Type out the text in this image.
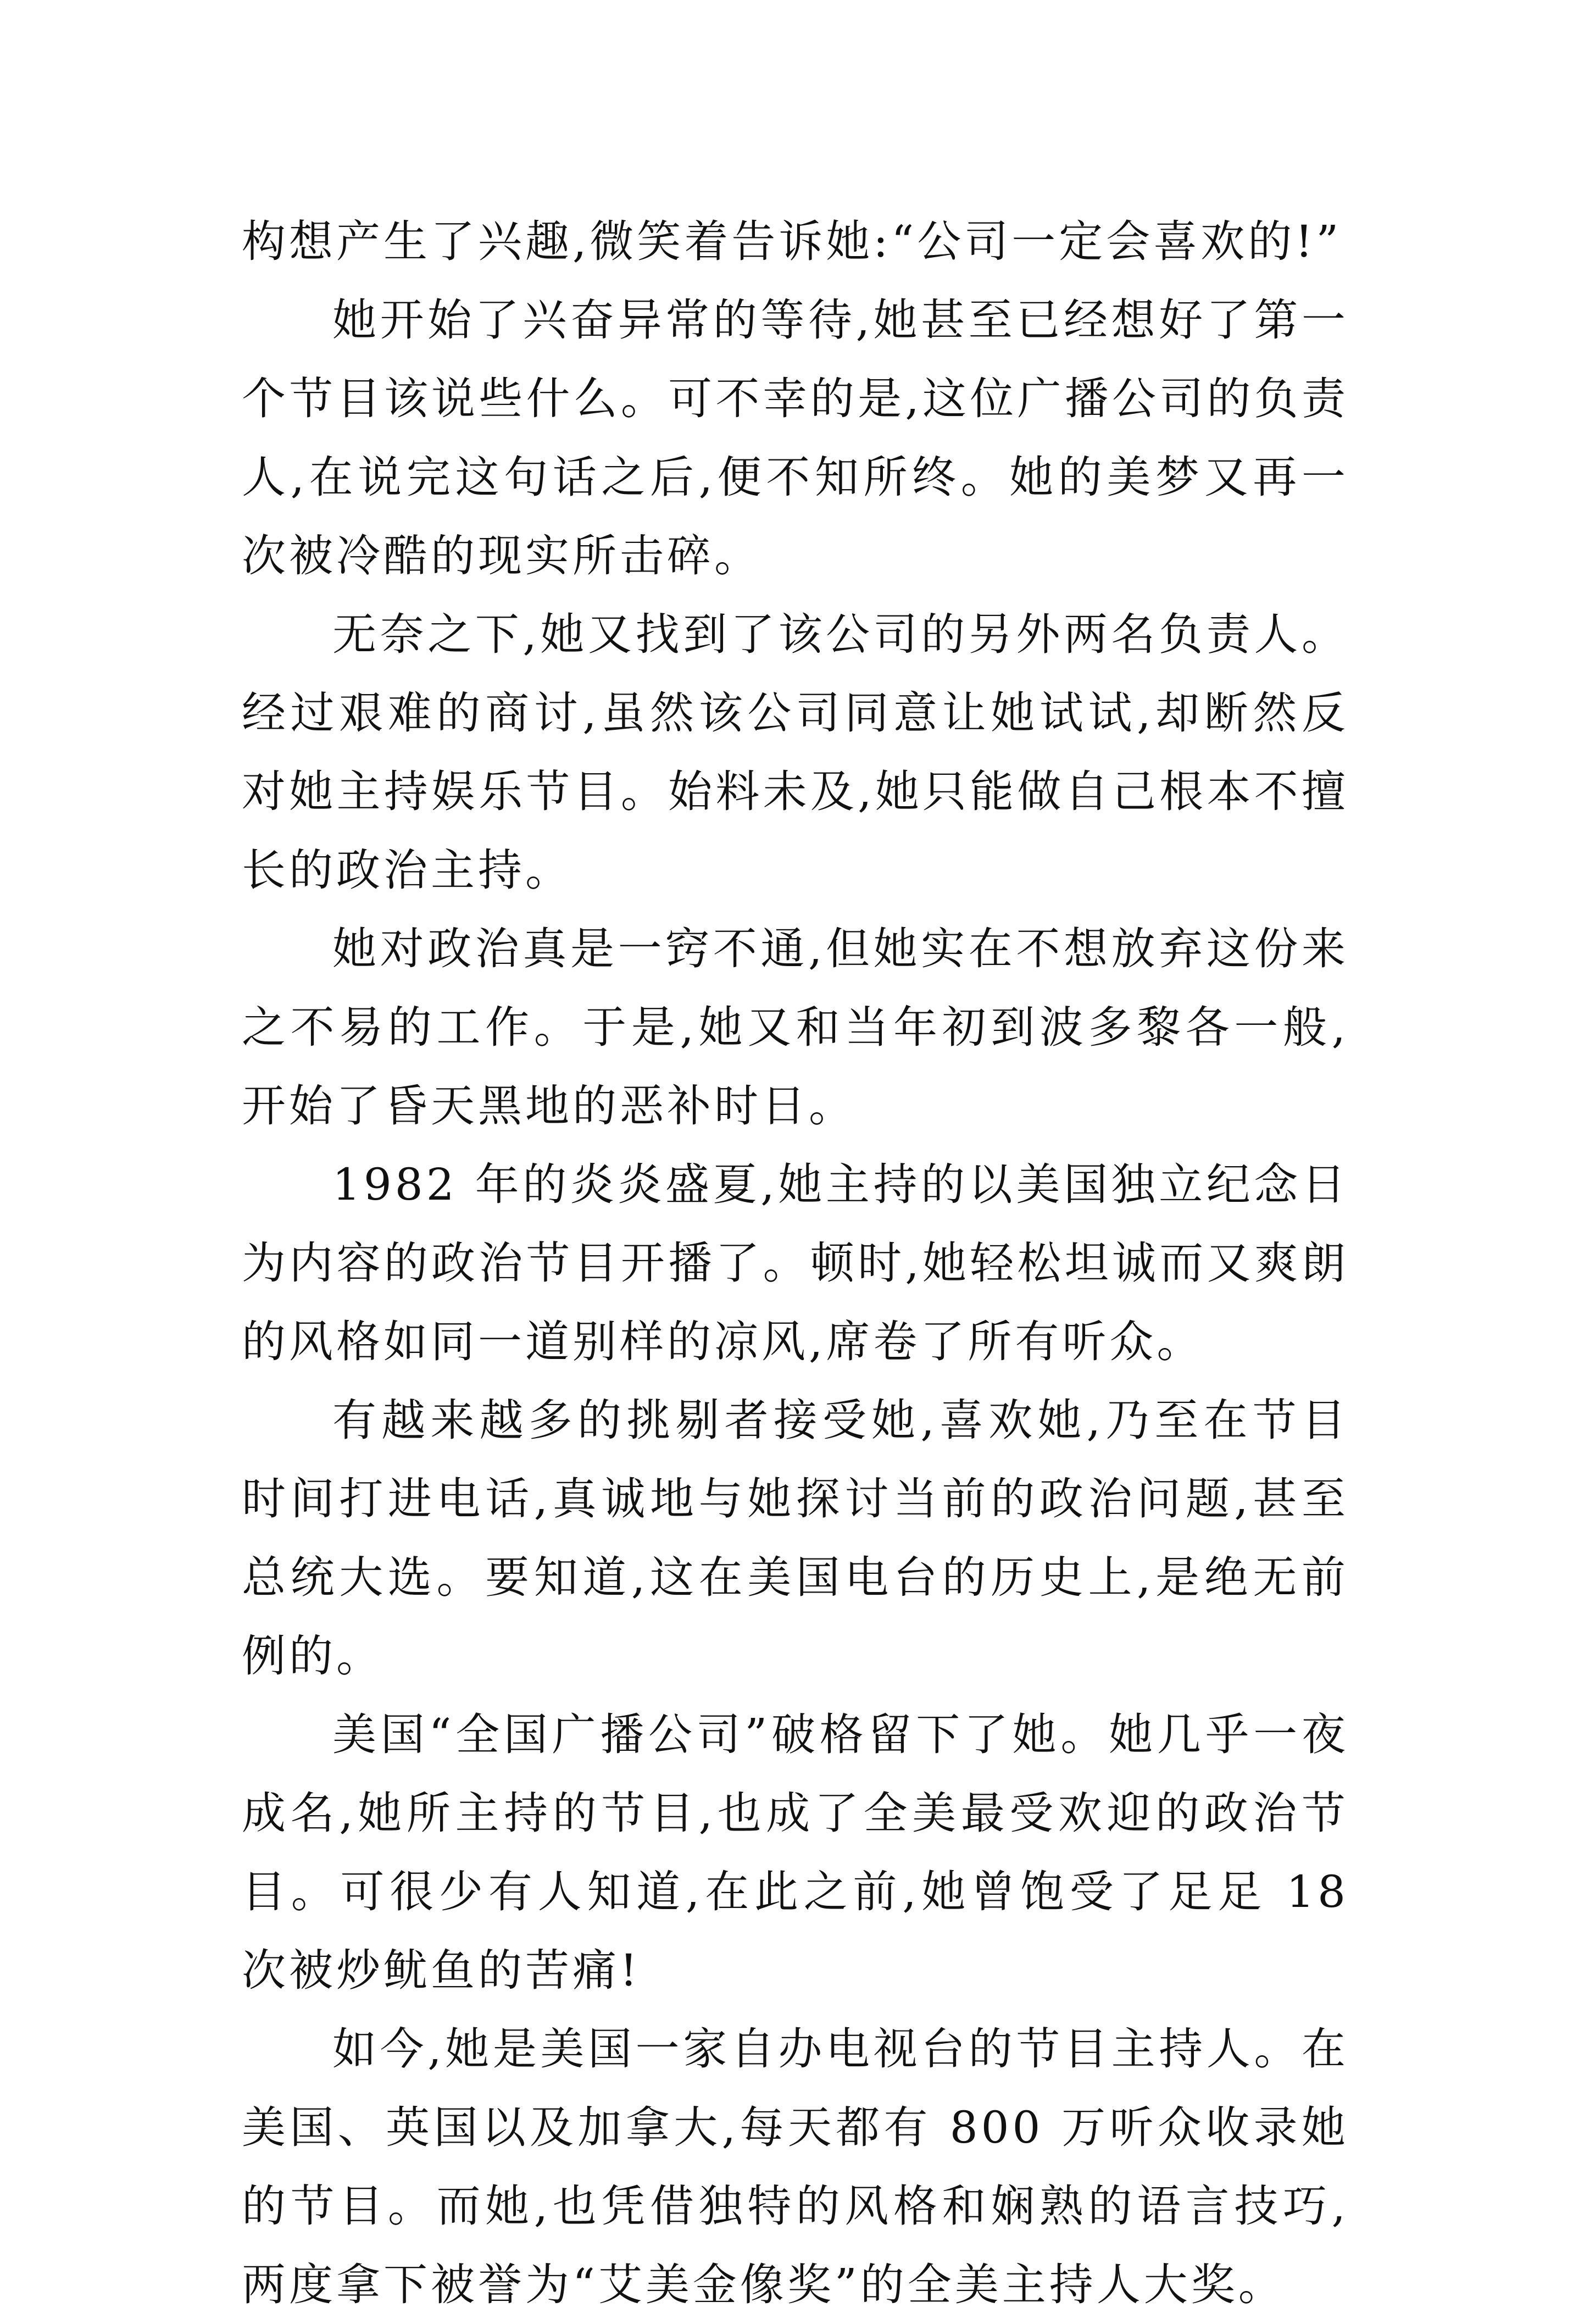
构想产生了兴趣,微笑着告诉她:“公司一定会喜欢的!”

她开始了兴奋异常的等待,她甚至已经想好了第一个节目该说些什么。可不幸的是,这位广播公司的负责人,在说完这句话之后,便不知所终。她的美梦又再一次被冷酷的现实所击碎。

无奈之下,她又找到了该公司的另外两名负责人。经过艰难的商讨,虽然该公司同意让她试试,却断然反对她主持娱乐节目。始料未及,她只能做自己根本不擅长的政治主持。

她对政治真是一窍不通,但她实在不想放弃这份来之不易的工作。于是,她又和当年初到波多黎各一般,开始了昏天黑地的恶补时日。

1982 年的炎炎盛夏,她主持的以美国独立纪念日为内容的政治节目开播了。顿时,她轻松坦诚而又爽朗的风格如同一道别样的凉风,席卷了所有听众。

有越来越多的挑剔者接受她,喜欢她,乃至在节目时间打进电话,真诚地与她探讨当前的政治问题,甚至总统大选。要知道,这在美国电台的历史上,是绝无前例的。

美国“全国广播公司”破格留下了她。她几乎一夜成名,她所主持的节目,也成了全美最受欢迎的政治节目。可很少有人知道,在此之前,她曾饱受了足足 18 次被炒鱿鱼的苦痛!

如今,她是美国一家自办电视台的节目主持人。在美国、英国以及加拿大,每天都有 800 万听众收录她的节目。而她,也凭借独特的风格和娴熟的语言技巧,两度拿下被誉为“艾美金像奖”的全美主持人大奖。
